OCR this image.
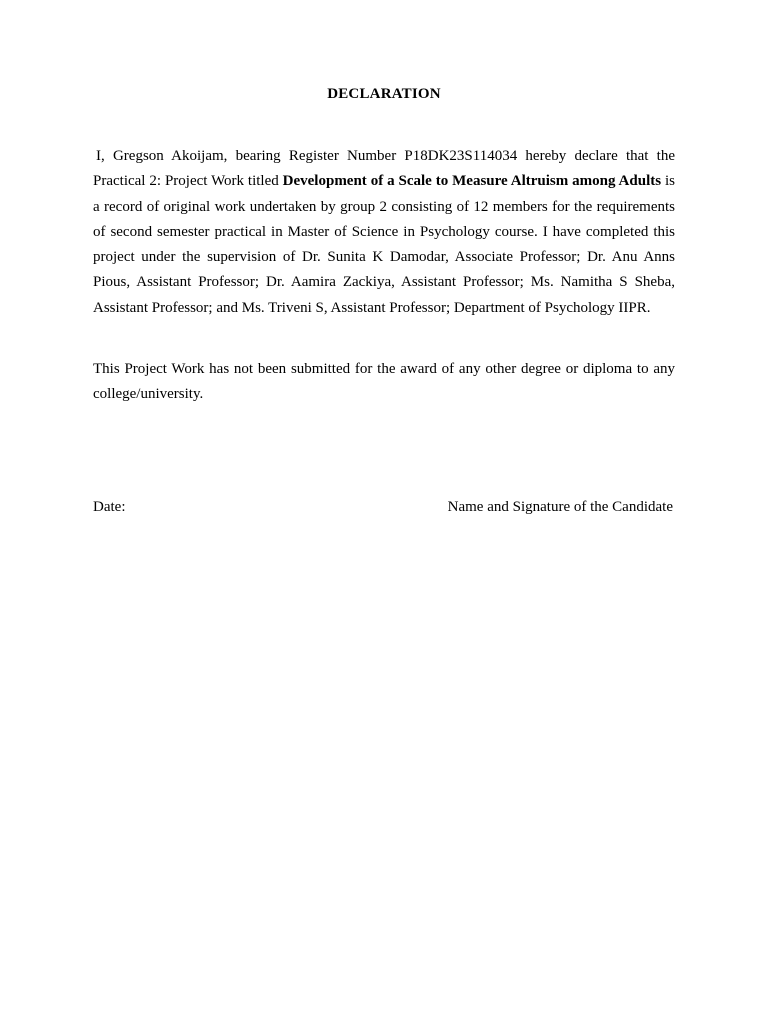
DECLARATION

I, Gregson Akoijam, bearing Register Number P18DK23S114034 hereby declare that the Practical 2: Project Work titled Development of a Scale to Measure Altruism among Adults is a record of original work undertaken by group 2 consisting of 12 members for the requirements of second semester practical in Master of Science in Psychology course. I have completed this project under the supervision of Dr. Sunita K Damodar, Associate Professor; Dr. Anu Anns Pious, Assistant Professor; Dr. Aamira Zackiya, Assistant Professor; Ms. Namitha S Sheba, Assistant Professor; and Ms. Triveni S, Assistant Professor; Department of Psychology IIPR.

This Project Work has not been submitted for the award of any other degree or diploma to any college/university.

Date:	Name and Signature of the Candidate
